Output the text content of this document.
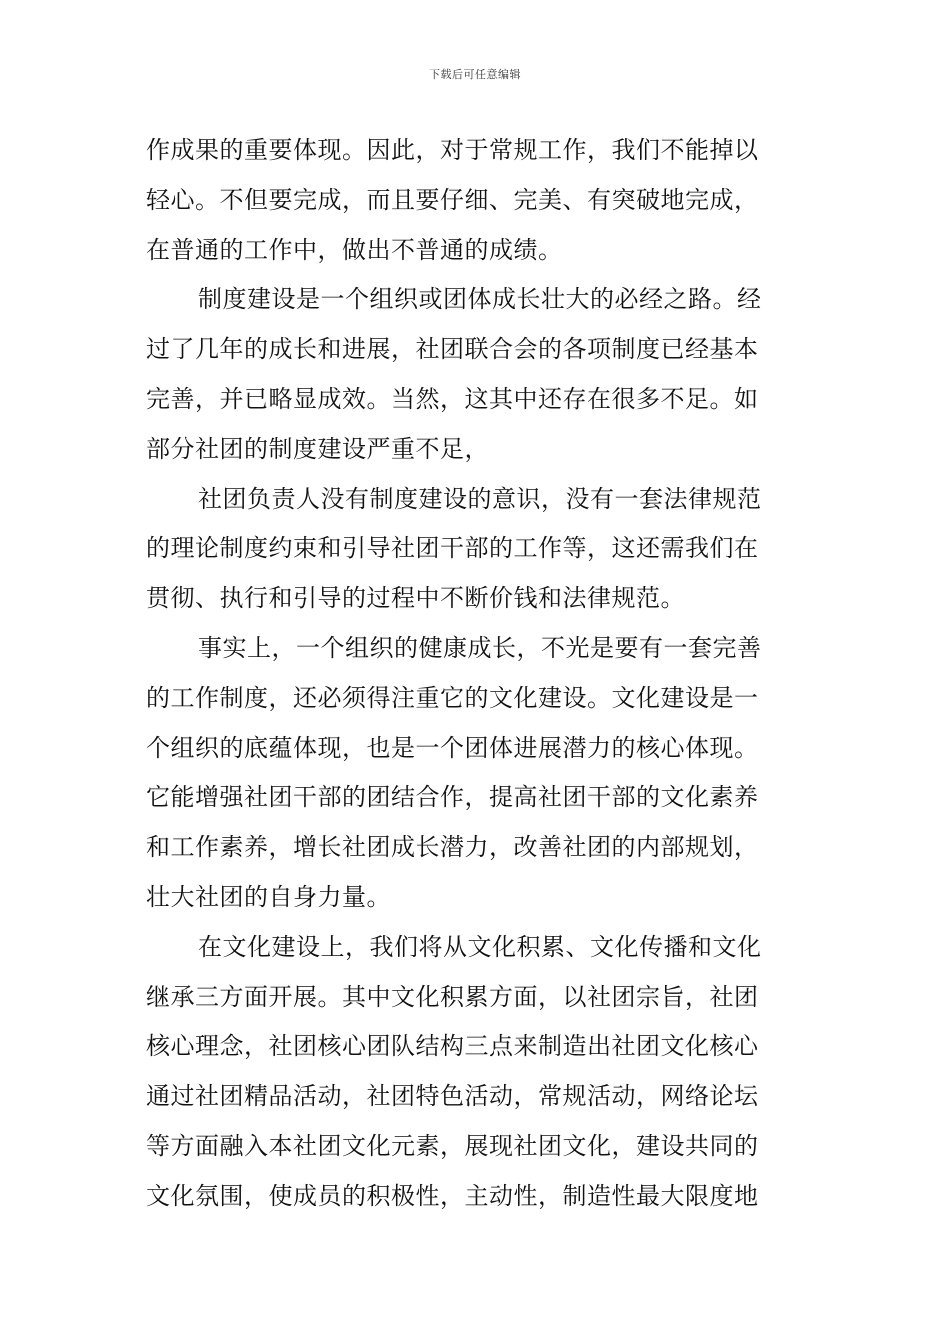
下载后可任意编辑
作成果的重要体现。因此，对于常规工作，我们不能掉以
轻心。不但要完成，而且要仔细、完美、有突破地完成，
在普通的工作中，做出不普通的成绩。
制度建设是一个组织或团体成长壮大的必经之路。经
过了几年的成长和进展，社团联合会的各项制度已经基本
完善，并已略显成效。当然，这其中还存在很多不足。如
部分社团的制度建设严重不足，
社团负责人没有制度建设的意识，没有一套法律规范
的理论制度约束和引导社团干部的工作等，这还需我们在
贯彻、执行和引导的过程中不断价钱和法律规范。
事实上，一个组织的健康成长，不光是要有一套完善
的工作制度，还必须得注重它的文化建设。文化建设是一
个组织的底蕴体现，也是一个团体进展潜力的核心体现。
它能增强社团干部的团结合作，提高社团干部的文化素养
和工作素养，增长社团成长潜力，改善社团的内部规划，
壮大社团的自身力量。
在文化建设上，我们将从文化积累、文化传播和文化
继承三方面开展。其中文化积累方面，以社团宗旨，社团
核心理念，社团核心团队结构三点来制造出社团文化核心
通过社团精品活动，社团特色活动，常规活动，网络论坛
等方面融入本社团文化元素，展现社团文化，建设共同的
文化氛围，使成员的积极性，主动性，制造性最大限度地
